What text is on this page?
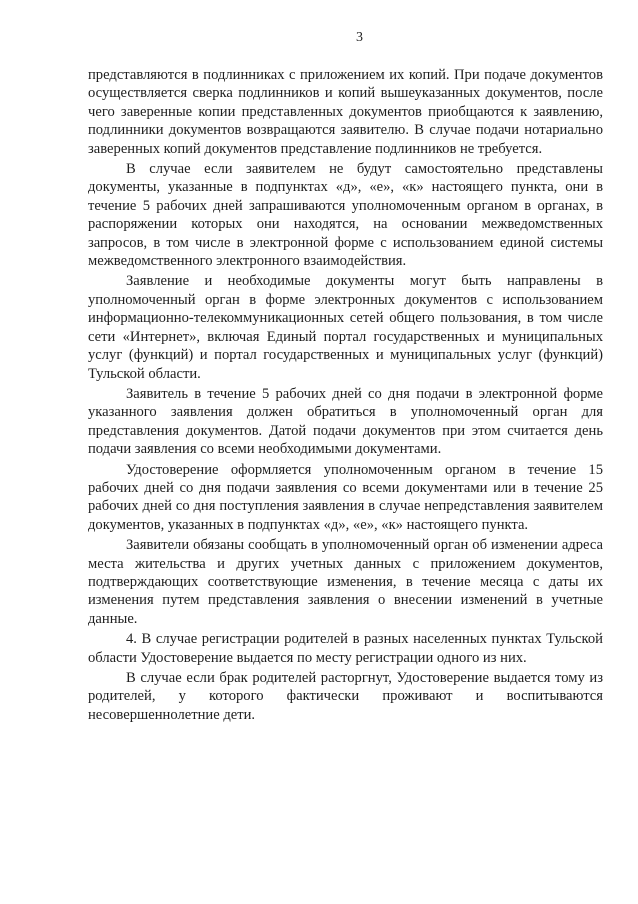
3

представляются в подлинниках с приложением их копий. При подаче документов осуществляется сверка подлинников и копий вышеуказанных документов, после чего заверенные копии представленных документов приобщаются к заявлению, подлинники документов возвращаются заявителю. В случае подачи нотариально заверенных копий документов представление подлинников не требуется.

В случае если заявителем не будут самостоятельно представлены документы, указанные в подпунктах «д», «е», «к» настоящего пункта, они в течение 5 рабочих дней запрашиваются уполномоченным органом в органах, в распоряжении которых они находятся, на основании межведомственных запросов, в том числе в электронной форме с использованием единой системы межведомственного электронного взаимодействия.

Заявление и необходимые документы могут быть направлены в уполномоченный орган в форме электронных документов с использованием информационно-телекоммуникационных сетей общего пользования, в том числе сети «Интернет», включая Единый портал государственных и муниципальных услуг (функций) и портал государственных и муниципальных услуг (функций) Тульской области.

Заявитель в течение 5 рабочих дней со дня подачи в электронной форме указанного заявления должен обратиться в уполномоченный орган для представления документов. Датой подачи документов при этом считается день подачи заявления со всеми необходимыми документами.

Удостоверение оформляется уполномоченным органом в течение 15 рабочих дней со дня подачи заявления со всеми документами или в течение 25 рабочих дней со дня поступления заявления в случае непредставления заявителем документов, указанных в подпунктах «д», «е», «к» настоящего пункта.

Заявители обязаны сообщать в уполномоченный орган об изменении адреса места жительства и других учетных данных с приложением документов, подтверждающих соответствующие изменения, в течение месяца с даты их изменения путем представления заявления о внесении изменений в учетные данные.

4. В случае регистрации родителей в разных населенных пунктах Тульской области Удостоверение выдается по месту регистрации одного из них.

В случае если брак родителей расторгнут, Удостоверение выдается тому из родителей, у которого фактически проживают и воспитываются несовершеннолетние дети.
